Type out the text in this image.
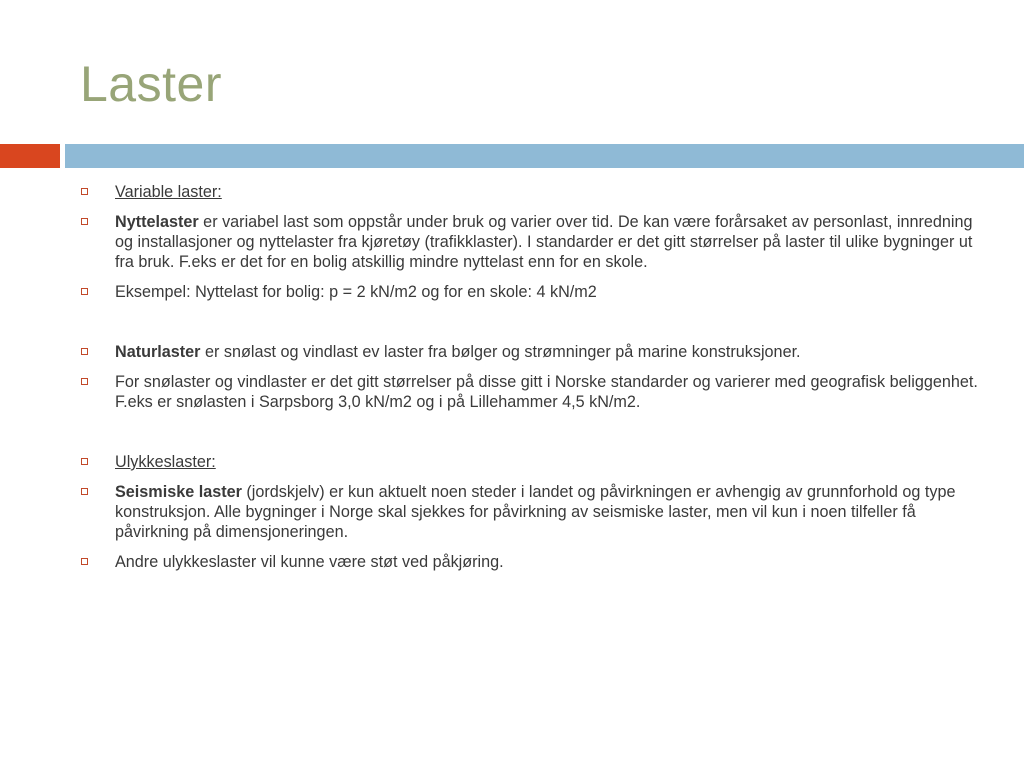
Laster
Variable laster:
Nyttelaster er variabel last som oppstår under bruk og varier over tid. De kan være forårsaket av personlast, innredning og installasjoner og nyttelaster fra kjøretøy (trafikklaster). I standarder er det gitt størrelser på laster til ulike bygninger ut fra bruk. F.eks er det for en bolig atskillig mindre nyttelast enn for en skole.
Eksempel: Nyttelast for bolig: p = 2 kN/m2 og for en skole: 4 kN/m2
Naturlaster er snølast og vindlast ev laster fra bølger og strømninger på marine konstruksjoner.
For snølaster og vindlaster er det gitt størrelser på disse gitt i Norske standarder og varierer med geografisk beliggenhet. F.eks er snølasten i Sarpsborg 3,0 kN/m2 og i på Lillehammer 4,5 kN/m2.
Ulykkeslaster:
Seismiske laster (jordskjelv) er kun aktuelt noen steder i landet og påvirkningen er avhengig av grunnforhold og type konstruksjon. Alle bygninger i Norge skal sjekkes for påvirkning av seismiske laster, men vil kun i noen tilfeller få påvirkning på dimensjoneringen.
Andre ulykkeslaster vil kunne være støt ved påkjøring.
